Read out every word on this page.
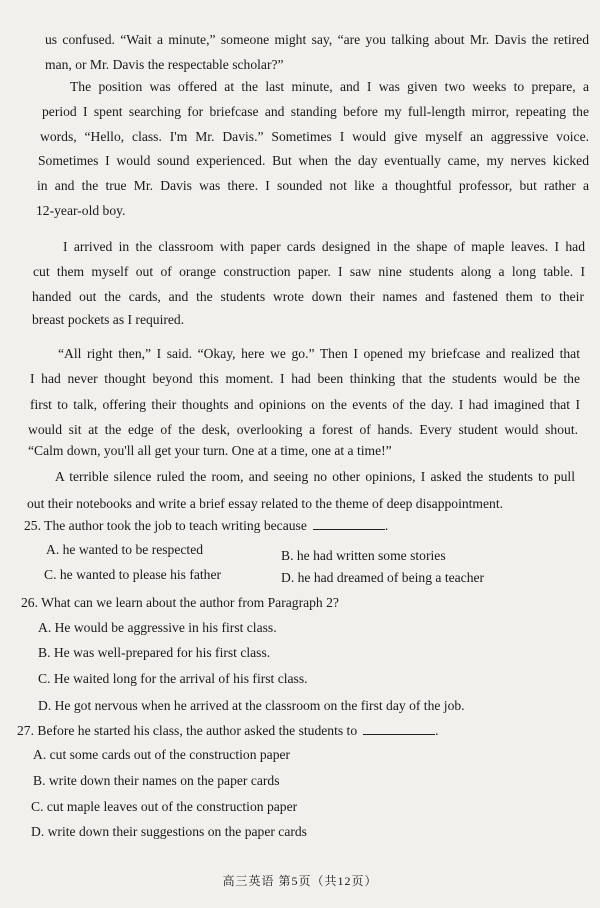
us confused. “Wait a minute,” someone might say, “are you talking about Mr. Davis the retired
man, or Mr. Davis the respectable scholar?”
The position was offered at the last minute, and I was given two weeks to prepare, a
period I spent searching for briefcase and standing before my full-length mirror, repeating the
words, “Hello, class. I'm Mr. Davis.” Sometimes I would give myself an aggressive voice.
Sometimes I would sound experienced. But when the day eventually came, my nerves kicked
in and the true Mr. Davis was there. I sounded not like a thoughtful professor, but rather a
12-year-old boy.
I arrived in the classroom with paper cards designed in the shape of maple leaves. I had
cut them myself out of orange construction paper. I saw nine students along a long table. I
handed out the cards, and the students wrote down their names and fastened them to their
breast pockets as I required.
“All right then,” I said. “Okay, here we go.” Then I opened my briefcase and realized that
I had never thought beyond this moment. I had been thinking that the students would be the
first to talk, offering their thoughts and opinions on the events of the day. I had imagined that I
would sit at the edge of the desk, overlooking a forest of hands. Every student would shout.
“Calm down, you'll all get your turn. One at a time, one at a time!”
A terrible silence ruled the room, and seeing no other opinions, I asked the students to pull
out their notebooks and write a brief essay related to the theme of deep disappointment.
25. The author took the job to teach writing because	.
A. he wanted to be respected	B. he had written some stories
C. he wanted to please his father	D. he had dreamed of being a teacher
26. What can we learn about the author from Paragraph 2?
A. He would be aggressive in his first class.
B. He was well-prepared for his first class.
C. He waited long for the arrival of his first class.
D. He got nervous when he arrived at the classroom on the first day of the job.
27. Before he started his class, the author asked the students to	.
A. cut some cards out of the construction paper
B. write down their names on the paper cards
C. cut maple leaves out of the construction paper
D. write down their suggestions on the paper cards
高三英语 第5页（共12页）
